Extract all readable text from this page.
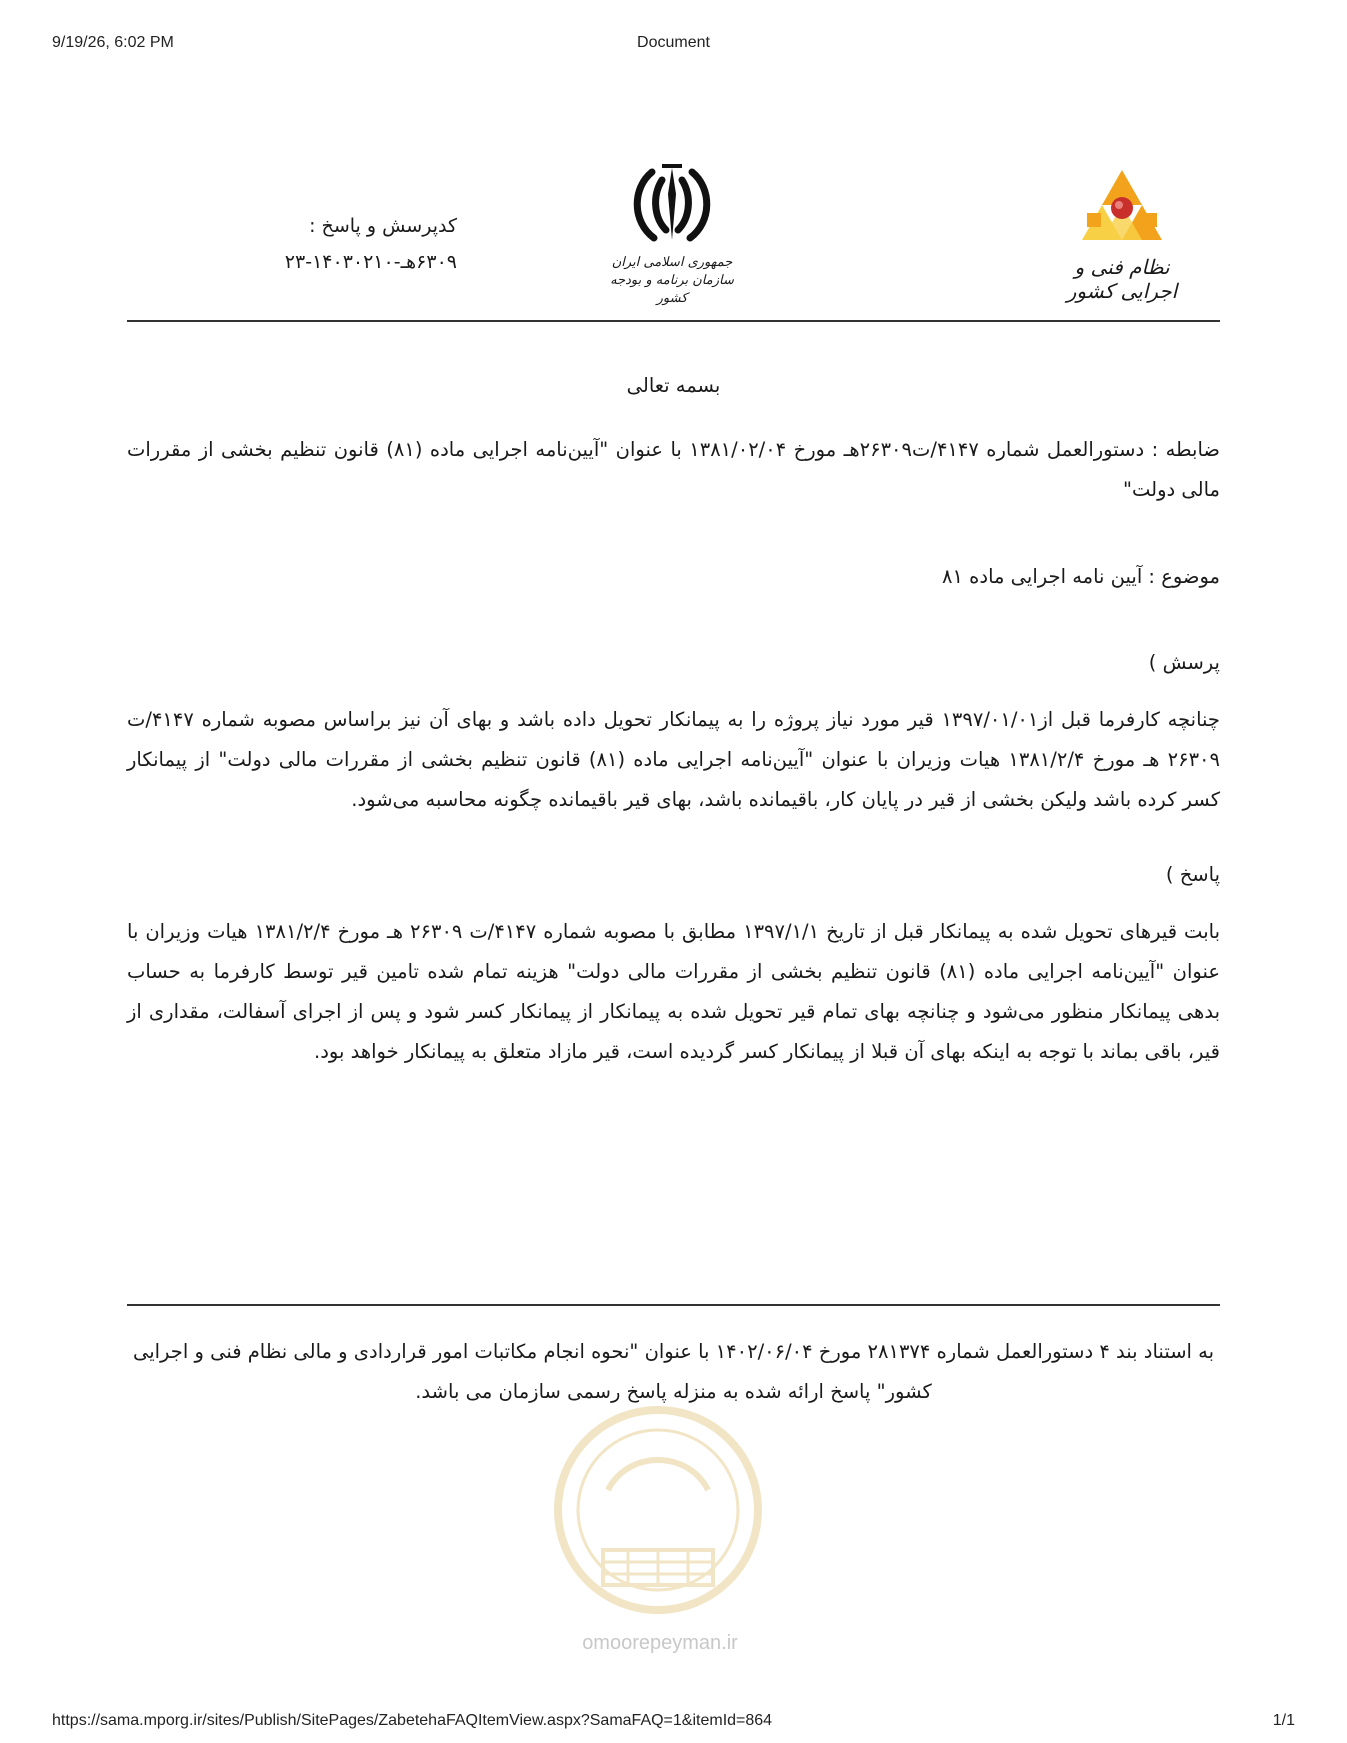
9/19/26, 6:02 PM	Document
کدپرسش و پاسخ :
۶۳۰۹هـ-۱۴۰۳۰۲۱۰-۲۳	جمهوری اسلامی ایران
سازمان برنامه و بودجه کشور
نظام فنی و اجرایی کشور
بسمه تعالی
ضابطه : دستورالعمل شماره ۴۱۴۷/ت۲۶۳۰۹هـ مورخ ۱۳۸۱/۰۲/۰۴ با عنوان "آیین‌نامه اجرایی ماده (۸۱) قانون تنظیم بخشی از مقررات مالی دولت"
موضوع : آیین نامه اجرایی ماده ۸۱
پرسش )
چنانچه کارفرما قبل از۱۳۹۷/۰۱/۰۱ قیر مورد نیاز پروژه را به پیمانکار تحویل داده باشد و بهای آن نیز براساس مصوبه شماره ۴۱۴۷/ت ۲۶۳۰۹ هـ مورخ ۱۳۸۱/۲/۴ هیات وزیران با عنوان "آیین‌نامه اجرایی ماده (۸۱) قانون تنظیم بخشی از مقررات مالی دولت" از پیمانکار کسر کرده باشد ولیکن بخشی از قیر در پایان کار، باقیمانده باشد، بهای قیر باقیمانده چگونه محاسبه می‌شود.
پاسخ )
بابت قیرهای تحویل شده به پیمانکار قبل از تاریخ ۱۳۹۷/۱/۱ مطابق با مصوبه شماره ۴۱۴۷/ت ۲۶۳۰۹ هـ مورخ ۱۳۸۱/۲/۴ هیات وزیران با عنوان "آیین‌نامه اجرایی ماده (۸۱) قانون تنظیم بخشی از مقررات مالی دولت" هزینه تمام شده تامین قیر توسط کارفرما به حساب بدهی پیمانکار منظور می‌شود و چنانچه بهای تمام قیر تحویل شده به پیمانکار از پیمانکار کسر شود و پس از اجرای آسفالت، مقداری از قیر، باقی بماند با توجه به اینکه بهای آن قبلا از پیمانکار کسر گردیده است، قیر مازاد متعلق به پیمانکار خواهد بود.
به استناد بند ۴ دستورالعمل شماره ۲۸۱۳۷۴ مورخ ۱۴۰۲/۰۶/۰۴ با عنوان "نحوه انجام مکاتبات امور قراردادی و مالی نظام فنی و اجرایی کشور" پاسخ ارائه شده به منزله پاسخ رسمی سازمان می باشد.
omoorepeyman.ir
https://sama.mporg.ir/sites/Publish/SitePages/ZabetehaFAQItemView.aspx?SamaFAQ=1&itemId=864	1/1
